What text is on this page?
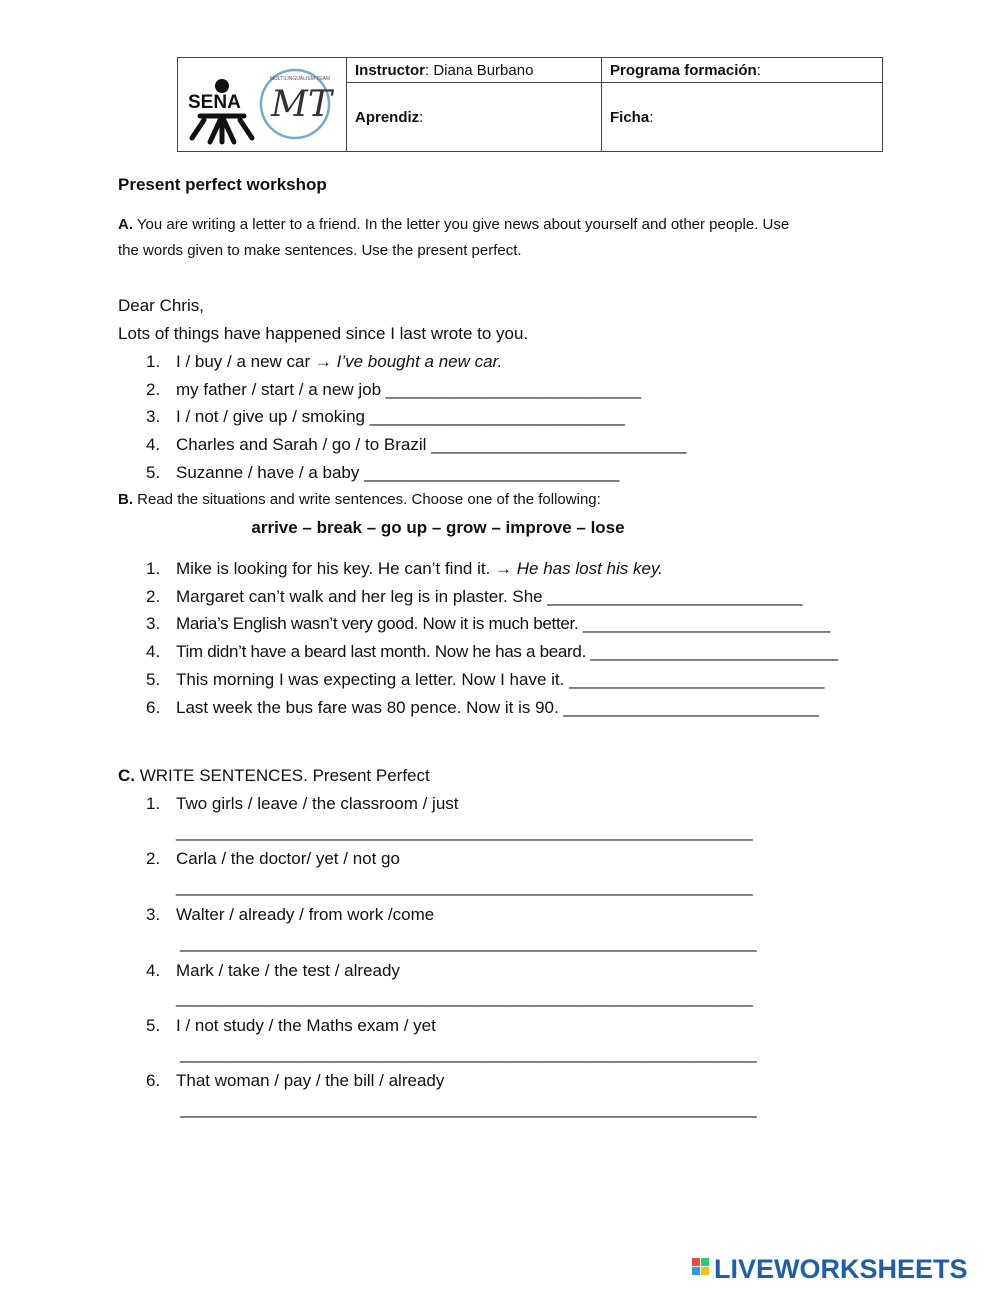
SENA MT
MULTILINGUALISM TEAM	Instructor: Diana Burbano	Programa formación:
	Aprendiz:	Ficha:
Present perfect workshop
A. You are writing a letter to a friend. In the letter you give news about yourself and other people. Use
the words given to make sentences. Use the present perfect.
Dear Chris,
Lots of things have happened since I last wrote to you.
1. I / buy / a new car → I’ve bought a new car.
2. my father / start / a new job ___________________________
3. I / not / give up / smoking ___________________________
4. Charles and Sarah / go / to Brazil ___________________________
5. Suzanne / have / a baby ___________________________
B. Read the situations and write sentences. Choose one of the following:
arrive – break – go up – grow – improve – lose
1. Mike is looking for his key. He can’t find it. → He has lost his key.
2. Margaret can’t walk and her leg is in plaster. She ___________________________
3. Maria’s English wasn’t very good. Now it is much better. ___________________________
4. Tim didn’t have a beard last month. Now he has a beard. ___________________________
5. This morning I was expecting a letter. Now I have it. ___________________________
6. Last week the bus fare was 80 pence. Now it is 90. ___________________________
C. WRITE SENTENCES. Present Perfect
1. Two girls / leave / the classroom / just
_____________________________________________________________
2. Carla / the doctor/ yet / not go
_____________________________________________________________
3. Walter / already / from work /come
_____________________________________________________________
4. Mark / take / the test / already
_____________________________________________________________
5. I / not study / the Maths exam / yet
_____________________________________________________________
6. That woman / pay / the bill / already
_____________________________________________________________
LIVEWORKSHEETS
